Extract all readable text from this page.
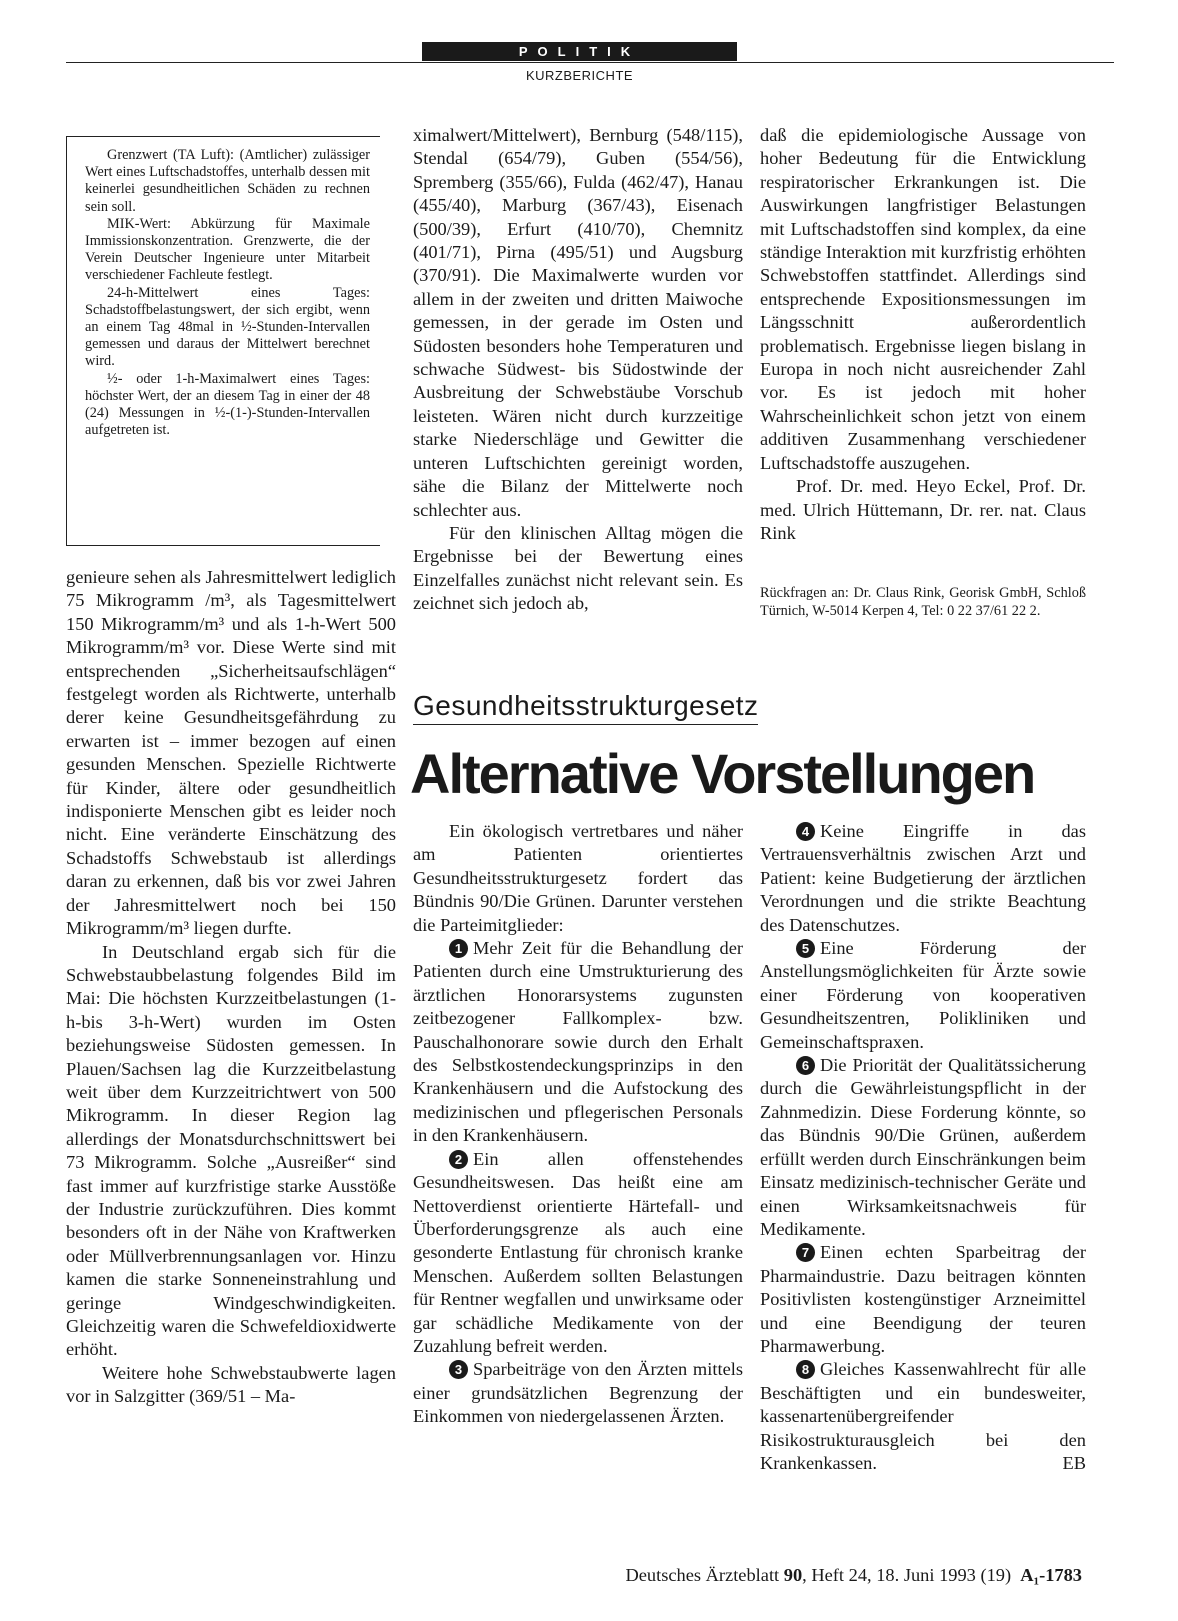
POLITIK
KURZBERICHTE

Grenzwert (TA Luft): (Amtlicher) zulässiger Wert eines Luftschadstoffes, unterhalb dessen mit keinerlei gesundheitlichen Schäden zu rechnen sein soll.

MIK-Wert: Abkürzung für Maximale Immissionskonzentration. Grenzwerte, die der Verein Deutscher Ingenieure unter Mitarbeit verschiedener Fachleute festlegt.

24-h-Mittelwert eines Tages: Schadstoffbelastungswert, der sich ergibt, wenn an einem Tag 48mal in ½-Stunden-Intervallen gemessen und daraus der Mittelwert berechnet wird.

½- oder 1-h-Maximalwert eines Tages: höchster Wert, der an diesem Tag in einer der 48 (24) Messungen in ½-(1-)-Stunden-Intervallen aufgetreten ist.

genieure sehen als Jahresmittelwert lediglich 75 Mikrogramm /m³, als Tagesmittelwert 150 Mikrogramm/m³ und als 1-h-Wert 500 Mikrogramm/m³ vor. Diese Werte sind mit entsprechenden „Sicherheitsaufschlägen“ festgelegt worden als Richtwerte, unterhalb derer keine Gesundheitsgefährdung zu erwarten ist – immer bezogen auf einen gesunden Menschen. Spezielle Richtwerte für Kinder, ältere oder gesundheitlich indisponierte Menschen gibt es leider noch nicht. Eine veränderte Einschätzung des Schadstoffs Schwebstaub ist allerdings daran zu erkennen, daß bis vor zwei Jahren der Jahresmittelwert noch bei 150 Mikrogramm/m³ liegen durfte.

In Deutschland ergab sich für die Schwebstaubbelastung folgendes Bild im Mai: Die höchsten Kurzzeitbelastungen (1-h-bis 3-h-Wert) wurden im Osten beziehungsweise Südosten gemessen. In Plauen/Sachsen lag die Kurzzeitbelastung weit über dem Kurzzeitrichtwert von 500 Mikrogramm. In dieser Region lag allerdings der Monatsdurchschnittswert bei 73 Mikrogramm. Solche „Ausreißer“ sind fast immer auf kurzfristige starke Ausstöße der Industrie zurückzuführen. Dies kommt besonders oft in der Nähe von Kraftwerken oder Müllverbrennungsanlagen vor. Hinzu kamen die starke Sonneneinstrahlung und geringe Windgeschwindigkeiten. Gleichzeitig waren die Schwefeldioxidwerte erhöht.

Weitere hohe Schwebstaubwerte lagen vor in Salzgitter (369/51 – Ma-

ximalwert/Mittelwert), Bernburg (548/115), Stendal (654/79), Guben (554/56), Spremberg (355/66), Fulda (462/47), Hanau (455/40), Marburg (367/43), Eisenach (500/39), Erfurt (410/70), Chemnitz (401/71), Pirna (495/51) und Augsburg (370/91). Die Maximalwerte wurden vor allem in der zweiten und dritten Maiwoche gemessen, in der gerade im Osten und Südosten besonders hohe Temperaturen und schwache Südwest- bis Südostwinde der Ausbreitung der Schwebstäube Vorschub leisteten. Wären nicht durch kurzzeitige starke Niederschläge und Gewitter die unteren Luftschichten gereinigt worden, sähe die Bilanz der Mittelwerte noch schlechter aus.

Für den klinischen Alltag mögen die Ergebnisse bei der Bewertung eines Einzelfalles zunächst nicht relevant sein. Es zeichnet sich jedoch ab,

daß die epidemiologische Aussage von hoher Bedeutung für die Entwicklung respiratorischer Erkrankungen ist. Die Auswirkungen langfristiger Belastungen mit Luftschadstoffen sind komplex, da eine ständige Interaktion mit kurzfristig erhöhten Schwebstoffen stattfindet. Allerdings sind entsprechende Expositionsmessungen im Längsschnitt außerordentlich problematisch. Ergebnisse liegen bislang in Europa in noch nicht ausreichender Zahl vor. Es ist jedoch mit hoher Wahrscheinlichkeit schon jetzt von einem additiven Zusammenhang verschiedener Luftschadstoffe auszugehen.

Prof. Dr. med. Heyo Eckel, Prof. Dr. med. Ulrich Hüttemann, Dr. rer. nat. Claus Rink

Rückfragen an: Dr. Claus Rink, Georisk GmbH, Schloß Türnich, W-5014 Kerpen 4, Tel: 0 22 37/61 22 2.
Gesundheitsstrukturgesetz
Alternative Vorstellungen

Ein ökologisch vertretbares und näher am Patienten orientiertes Gesundheitsstrukturgesetz fordert das Bündnis 90/Die Grünen. Darunter verstehen die Parteimitglieder:

1 Mehr Zeit für die Behandlung der Patienten durch eine Umstrukturierung des ärztlichen Honorarsystems zugunsten zeitbezogener Fallkomplex- bzw. Pauschalhonorare sowie durch den Erhalt des Selbstkostendeckungsprinzips in den Krankenhäusern und die Aufstockung des medizinischen und pflegerischen Personals in den Krankenhäusern.

2 Ein allen offenstehendes Gesundheitswesen. Das heißt eine am Nettoverdienst orientierte Härtefall- und Überforderungsgrenze als auch eine gesonderte Entlastung für chronisch kranke Menschen. Außerdem sollten Belastungen für Rentner wegfallen und unwirksame oder gar schädliche Medikamente von der Zuzahlung befreit werden.

3 Sparbeiträge von den Ärzten mittels einer grundsätzlichen Begrenzung der Einkommen von niedergelassenen Ärzten.

4 Keine Eingriffe in das Vertrauensverhältnis zwischen Arzt und Patient: keine Budgetierung der ärztlichen Verordnungen und die strikte Beachtung des Datenschutzes.

5 Eine Förderung der Anstellungsmöglichkeiten für Ärzte sowie einer Förderung von kooperativen Gesundheitszentren, Polikliniken und Gemeinschaftspraxen.

6 Die Priorität der Qualitätssicherung durch die Gewährleistungspflicht in der Zahnmedizin. Diese Forderung könnte, so das Bündnis 90/Die Grünen, außerdem erfüllt werden durch Einschränkungen beim Einsatz medizinisch-technischer Geräte und einen Wirksamkeitsnachweis für Medikamente.

7 Einen echten Sparbeitrag der Pharmaindustrie. Dazu beitragen könnten Positivlisten kostengünstiger Arzneimittel und eine Beendigung der teuren Pharmawerbung.

8 Gleiches Kassenwahlrecht für alle Beschäftigten und ein bundesweiter, kassenartenübergreifender Risikostrukturausgleich bei den Krankenkassen.	EB

Deutsches Ärzteblatt 90, Heft 24, 18. Juni 1993 (19) A₁-1783
